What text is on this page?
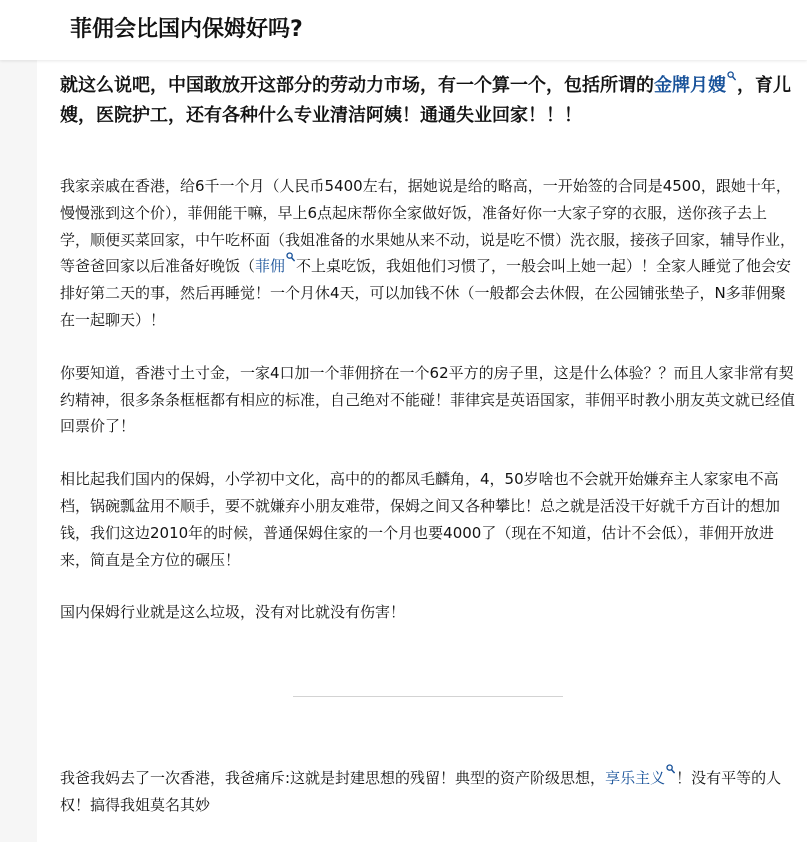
菲佣会比国内保姆好吗?

就这么说吧，中国敢放开这部分的劳动力市场，有一个算一个，包括所谓的金牌月嫂 ，育儿嫂，医院护工，还有各种什么专业清洁阿姨！通通失业回家！！！

我家亲戚在香港，给6千一个月（人民币5400左右，据她说是给的略高，一开始签的合同是4500，跟她十年，慢慢涨到这个价），菲佣能干嘛，早上6点起床帮你全家做好饭，准备好你一大家子穿的衣服，送你孩子去上学，顺便买菜回家，中午吃杯面（我姐准备的水果她从来不动，说是吃不惯）洗衣服，接孩子回家，辅导作业，等爸爸回家以后准备好晚饭（菲佣 不上桌吃饭，我姐他们习惯了，一般会叫上她一起）！全家人睡觉了他会安排好第二天的事，然后再睡觉！一个月休4天，可以加钱不休（一般都会去休假，在公园铺张垫子，N多菲佣聚在一起聊天）！

你要知道，香港寸土寸金，一家4口加一个菲佣挤在一个62平方的房子里，这是什么体验？？而且人家非常有契约精神，很多条条框框都有相应的标准，自己绝对不能碰！菲律宾是英语国家，菲佣平时教小朋友英文就已经值回票价了！

相比起我们国内的保姆，小学初中文化，高中的的都凤毛麟角，4，50岁啥也不会就开始嫌弃主人家家电不高档，锅碗瓢盆用不顺手，要不就嫌弃小朋友难带，保姆之间又各种攀比！总之就是活没干好就千方百计的想加钱，我们这边2010年的时候，普通保姆住家的一个月也要4000了（现在不知道，估计不会低），菲佣开放进来，简直是全方位的碾压！

国内保姆行业就是这么垃圾，没有对比就没有伤害！

我爸我妈去了一次香港，我爸痛斥:这就是封建思想的残留！典型的资产阶级思想，享乐主义 ！没有平等的人权！搞得我姐莫名其妙
